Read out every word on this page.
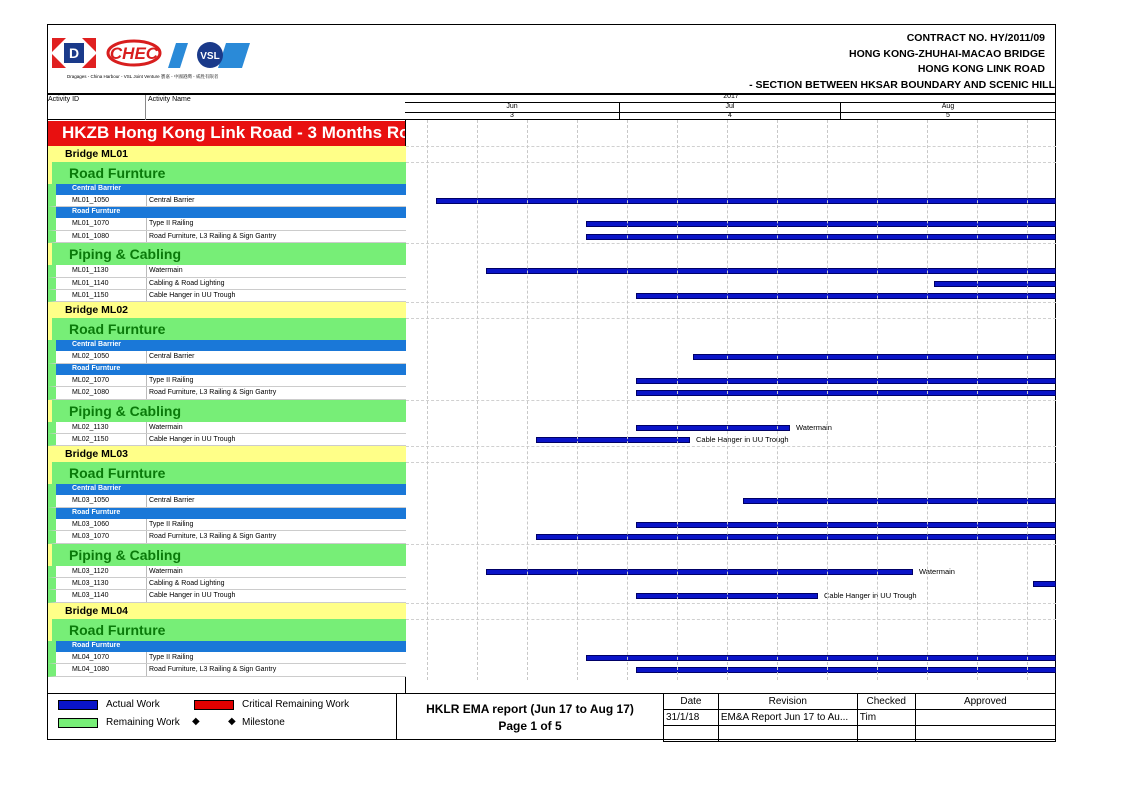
D CHEC	VSL
Dragages - China Harbour - VSL Joint Venture 寶嘉 - 中國港灣 - 威胜有限者
CONTRACT NO. HY/2011/09
HONG KONG-ZHUHAI-MACAO BRIDGE
HONG KONG LINK ROAD
- SECTION BETWEEN HKSAR BOUNDARY AND SCENIC HILL
Activity ID	Activity Name	2017
Jun	Jul	Aug
3	4	5
HKZB Hong Kong Link Road - 3 Months Rolling Programme
Watermain
Cable Hanger in UU Trough
Watermain
Cable Hanger in UU Trough
Bridge ML01
Road Furnture
Central Barrier
ML01_1050	Central Barrier
Road Furnture
ML01_1070	Type II Railing
ML01_1080	Road Furniture, L3 Railing & Sign Gantry
Piping & Cabling
ML01_1130	Watermain
ML01_1140	Cabling & Road Lighting
ML01_1150	Cable Hanger in UU Trough
Bridge ML02
Road Furnture
Central Barrier
ML02_1050	Central Barrier
Road Furnture
ML02_1070	Type II Railing
ML02_1080	Road Furniture, L3 Railing & Sign Gantry
Piping & Cabling
ML02_1130	Watermain
ML02_1150	Cable Hanger in UU Trough
Bridge ML03
Road Furnture
Central Barrier
ML03_1050	Central Barrier
Road Furnture
ML03_1060	Type II Railing
ML03_1070	Road Furniture, L3 Railing & Sign Gantry
Piping & Cabling
ML03_1120	Watermain
ML03_1130	Cabling & Road Lighting
ML03_1140	Cable Hanger in UU Trough
Bridge ML04
Road Furnture
Road Furnture
ML04_1070	Type II Railing
ML04_1080	Road Furniture, L3 Railing & Sign Gantry
Actual Work	Critical Remaining Work
Remaining Work ◆	◆ Milestone
HKLR EMA report (Jun 17 to Aug 17)
Page 1 of 5
Date	Revision	Checked	Approved
31/1/18	EM&A Report Jun 17 to Au...	Tim	
